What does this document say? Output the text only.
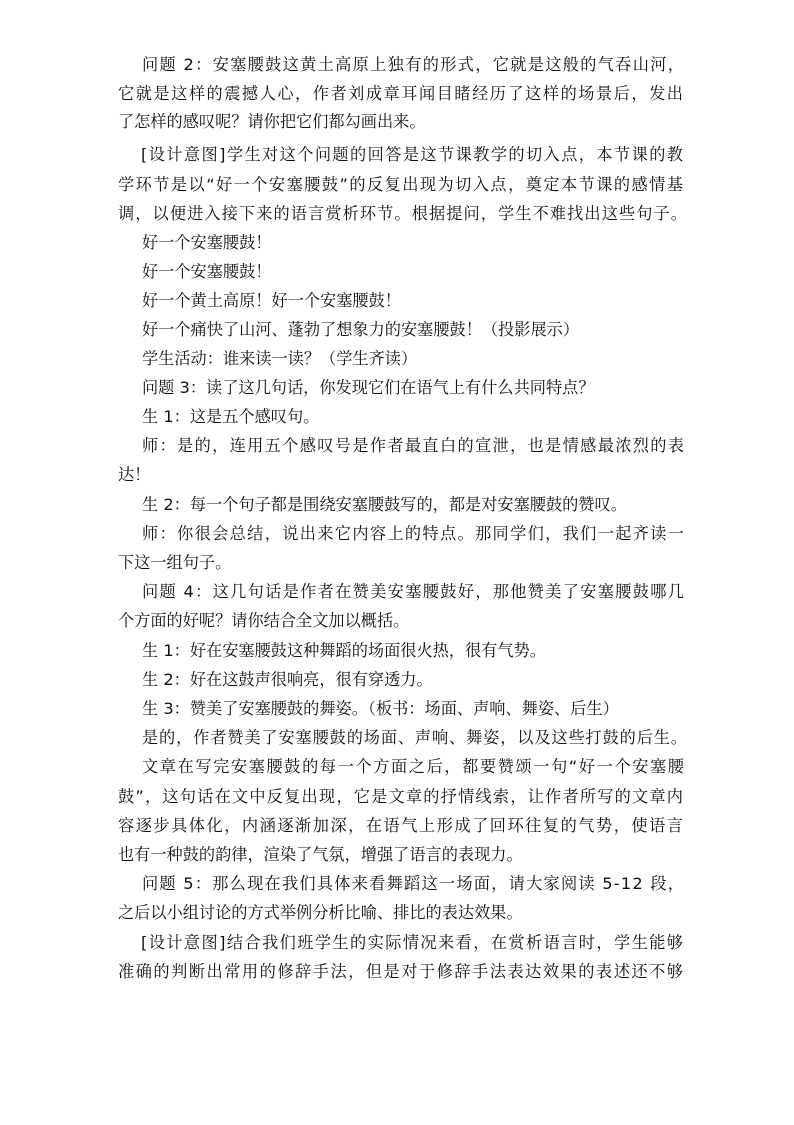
问题 2：安塞腰鼓这黄土高原上独有的形式，它就是这般的气吞山河，
它就是这样的震撼人心，作者刘成章耳闻目睹经历了这样的场景后，发出
了怎样的感叹呢？请你把它们都勾画出来。
[设计意图]学生对这个问题的回答是这节课教学的切入点，本节课的教
学环节是以“好一个安塞腰鼓”的反复出现为切入点，奠定本节课的感情基
调，以便进入接下来的语言赏析环节。根据提问，学生不难找出这些句子。
好一个安塞腰鼓！
好一个安塞腰鼓！
好一个黄土高原！好一个安塞腰鼓！
好一个痛快了山河、蓬勃了想象力的安塞腰鼓！（投影展示）
学生活动：谁来读一读？（学生齐读）
问题 3：读了这几句话，你发现它们在语气上有什么共同特点？
生 1：这是五个感叹句。
师：是的，连用五个感叹号是作者最直白的宣泄，也是情感最浓烈的表
达！
生 2：每一个句子都是围绕安塞腰鼓写的，都是对安塞腰鼓的赞叹。
师：你很会总结，说出来它内容上的特点。那同学们，我们一起齐读一
下这一组句子。
问题 4：这几句话是作者在赞美安塞腰鼓好，那他赞美了安塞腰鼓哪几
个方面的好呢？请你结合全文加以概括。
生 1：好在安塞腰鼓这种舞蹈的场面很火热，很有气势。
生 2：好在这鼓声很响亮，很有穿透力。
生 3：赞美了安塞腰鼓的舞姿。（板书：场面、声响、舞姿、后生）
是的，作者赞美了安塞腰鼓的场面、声响、舞姿，以及这些打鼓的后生。
文章在写完安塞腰鼓的每一个方面之后，都要赞颂一句“好一个安塞腰
鼓”，这句话在文中反复出现，它是文章的抒情线索，让作者所写的文章内
容逐步具体化，内涵逐渐加深，在语气上形成了回环往复的气势，使语言
也有一种鼓的韵律，渲染了气氛，增强了语言的表现力。
问题 5：那么现在我们具体来看舞蹈这一场面，请大家阅读 5-12 段，
之后以小组讨论的方式举例分析比喻、排比的表达效果。
[设计意图]结合我们班学生的实际情况来看，在赏析语言时，学生能够
准确的判断出常用的修辞手法，但是对于修辞手法表达效果的表述还不够
